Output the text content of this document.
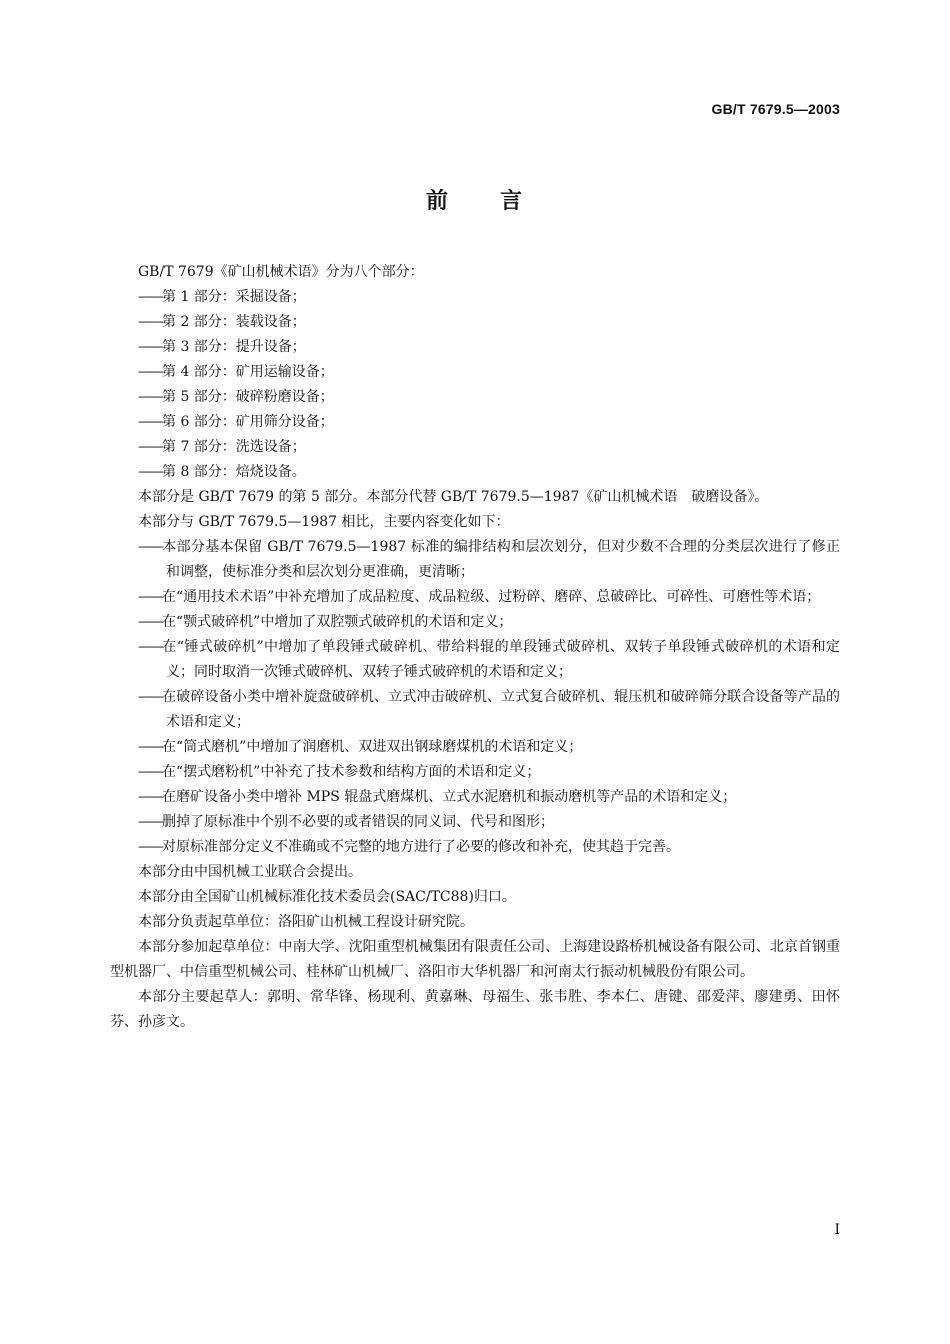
GB/T 7679.5—2003
前 言

GB/T 7679《矿山机械术语》分为八个部分：

——第 1 部分：采掘设备；

——第 2 部分：装载设备；

——第 3 部分：提升设备；

——第 4 部分：矿用运输设备；

——第 5 部分：破碎粉磨设备；

——第 6 部分：矿用筛分设备；

——第 7 部分：洗选设备；

——第 8 部分：焙烧设备。

本部分是 GB/T 7679 的第 5 部分。本部分代替 GB/T 7679.5—1987《矿山机械术语　破磨设备》。

本部分与 GB/T 7679.5—1987 相比，主要内容变化如下：

——本部分基本保留 GB/T 7679.5—1987 标准的编排结构和层次划分，但对少数不合理的分类层次进行了修正和调整，使标准分类和层次划分更准确，更清晰；

——在“通用技术术语”中补充增加了成品粒度、成品粒级、过粉碎、磨碎、总破碎比、可碎性、可磨性等术语；

——在“颚式破碎机”中增加了双腔颚式破碎机的术语和定义；

——在“锤式破碎机”中增加了单段锤式破碎机、带给料辊的单段锤式破碎机、双转子单段锤式破碎机的术语和定义；同时取消一次锤式破碎机、双转子锤式破碎机的术语和定义；

——在破碎设备小类中增补旋盘破碎机、立式冲击破碎机、立式复合破碎机、辊压机和破碎筛分联合设备等产品的术语和定义；

——在“筒式磨机”中增加了润磨机、双进双出钢球磨煤机的术语和定义；

——在“摆式磨粉机”中补充了技术参数和结构方面的术语和定义；

——在磨矿设备小类中增补 MPS 辊盘式磨煤机、立式水泥磨机和振动磨机等产品的术语和定义；

——删掉了原标准中个别不必要的或者错误的同义词、代号和图形；

——对原标准部分定义不准确或不完整的地方进行了必要的修改和补充，使其趋于完善。

本部分由中国机械工业联合会提出。

本部分由全国矿山机械标准化技术委员会(SAC/TC88)归口。

本部分负责起草单位：洛阳矿山机械工程设计研究院。

本部分参加起草单位：中南大学、沈阳重型机械集团有限责任公司、上海建设路桥机械设备有限公司、北京首钢重型机器厂、中信重型机械公司、桂林矿山机械厂、洛阳市大华机器厂和河南太行振动机械股份有限公司。

本部分主要起草人：郭明、常华锋、杨现利、黄嘉琳、母福生、张韦胜、李本仁、唐键、邵爱萍、廖建勇、田怀芬、孙彦文。

I
